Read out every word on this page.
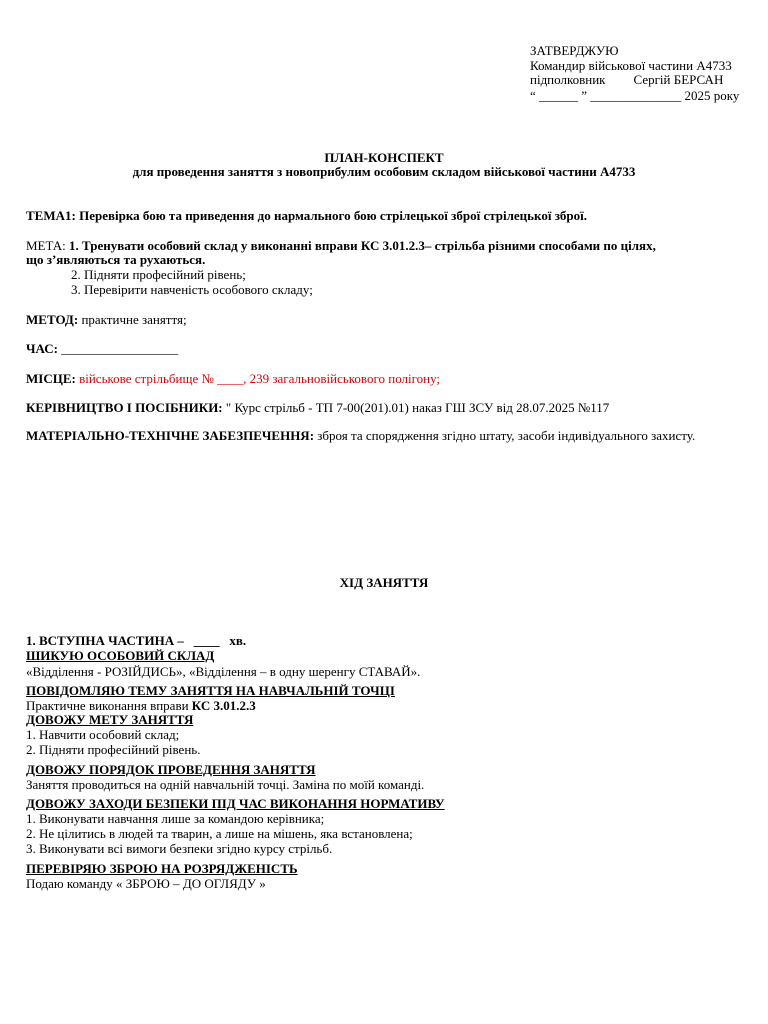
ЗАТВЕРДЖУЮ
Командир військової частини А4733
підполковник Сергій БЕРСАН
“ ______ ” ______________ 2025 року
ПЛАН-КОНСПЕКТ
для проведення заняття з новоприбулим особовим складом військової частини А4733
ТЕМА1: Перевірка бою та приведення до нармального бою стрілецької зброї стрілецької зброї.
МЕТА: 1. Тренувати особовий склад у виконанні вправи КС 3.01.2.3– стрільба різними способами по цілях,
що з’являються та рухаються.
2. Підняти професійний рівень;
3. Перевірити навченість особового складу;
МЕТОД: практичне заняття;
ЧАС: __________________
МІСЦЕ: військове стрільбище № ____, 239 загальновійськового полігону;
КЕРІВНИЦТВО І ПОСІБНИКИ: " Курс стрільб - ТП 7-00(201).01) наказ ГШ ЗСУ від 28.07.2025 №117
МАТЕРІАЛЬНО-ТЕХНІЧНЕ ЗАБЕЗПЕЧЕННЯ: зброя та спорядження згідно штату, засоби індивідуального захисту.
ХІД ЗАНЯТТЯ
1. ВСТУПНА ЧАСТИНА –   ____   хв.
ШИКУЮ ОСОБОВИЙ СКЛАД
«Відділення - РОЗІЙДИСЬ», «Відділення – в одну шеренгу СТАВАЙ».
ПОВІДОМЛЯЮ ТЕМУ ЗАНЯТТЯ НА НАВЧАЛЬНІЙ ТОЧЦІ
Практичне виконання вправи КС 3.01.2.3
ДОВОЖУ МЕТУ ЗАНЯТТЯ
1. Навчити особовий склад;
2. Підняти професійний рівень.
ДОВОЖУ ПОРЯДОК ПРОВЕДЕННЯ ЗАНЯТТЯ
Заняття проводиться на одній навчальній точці. Заміна по моїй команді.
ДОВОЖУ ЗАХОДИ БЕЗПЕКИ ПІД ЧАС ВИКОНАННЯ НОРМАТИВУ
1. Виконувати навчання лише за командою керівника;
2. Не цілитись в людей та тварин, а лише на мішень, яка встановлена;
3. Виконувати всі вимоги безпеки згідно курсу стрільб.
ПЕРЕВІРЯЮ ЗБРОЮ НА РОЗРЯДЖЕНІСТЬ
Подаю команду « ЗБРОЮ – ДО ОГЛЯДУ »
